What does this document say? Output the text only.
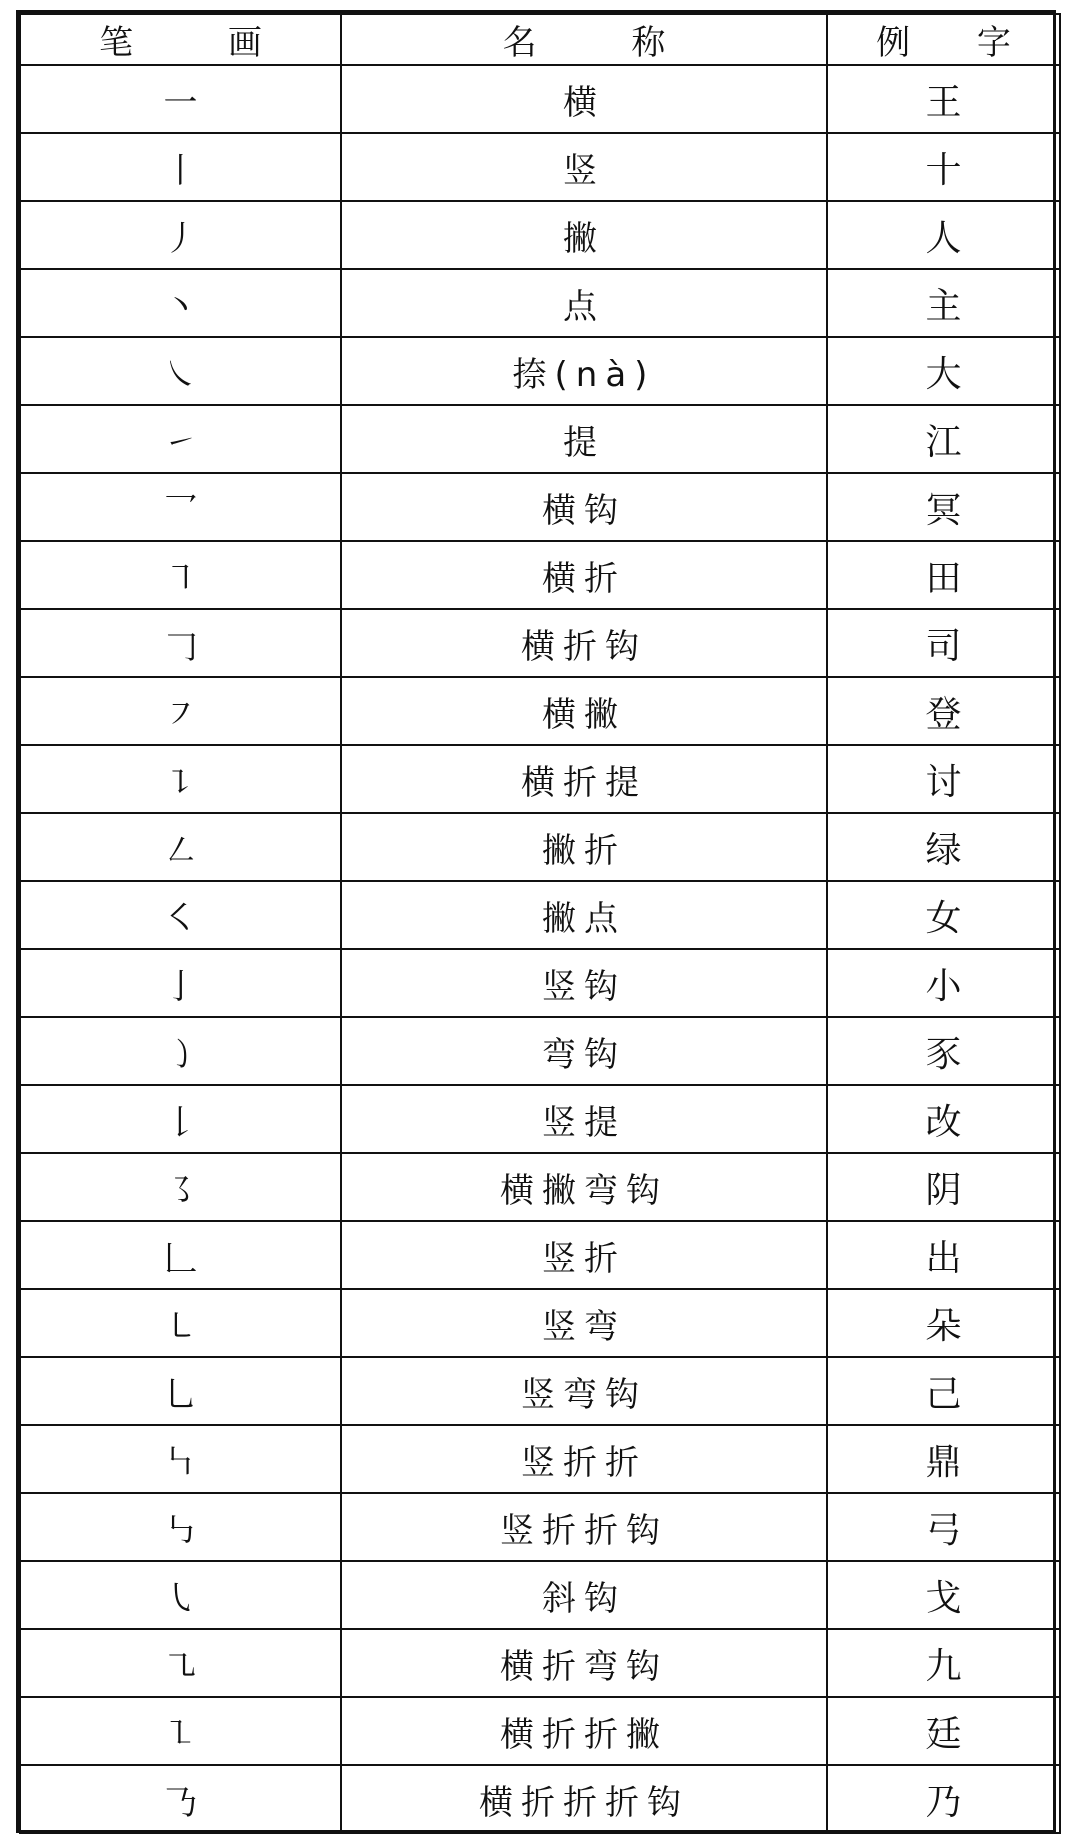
笔 画	名 称	例 字
一	横	王
丨	竖	十
丿	撇	人
丶	点	主
㇏	捺(nà)	大
㇀	提	江
乛	横钩	冥
㇕	横折	田
𠃌	横折钩	司
㇇	横撇	登
㇊	横折提	讨
㇜	撇折	绿
㇛	撇点	女
亅	竖钩	小
㇁	弯钩	豕
𠄌	竖提	改
㇌	横撇弯钩	阴
𠃊	竖折	出
㇄	竖弯	朵
乚	竖弯钩	己
㇞	竖折折	鼎
㇉	竖折折钩	弓
㇂	斜钩	戈
㇈	横折弯钩	九
㇅	横折折撇	廷
𠄎	横折折折钩	乃
